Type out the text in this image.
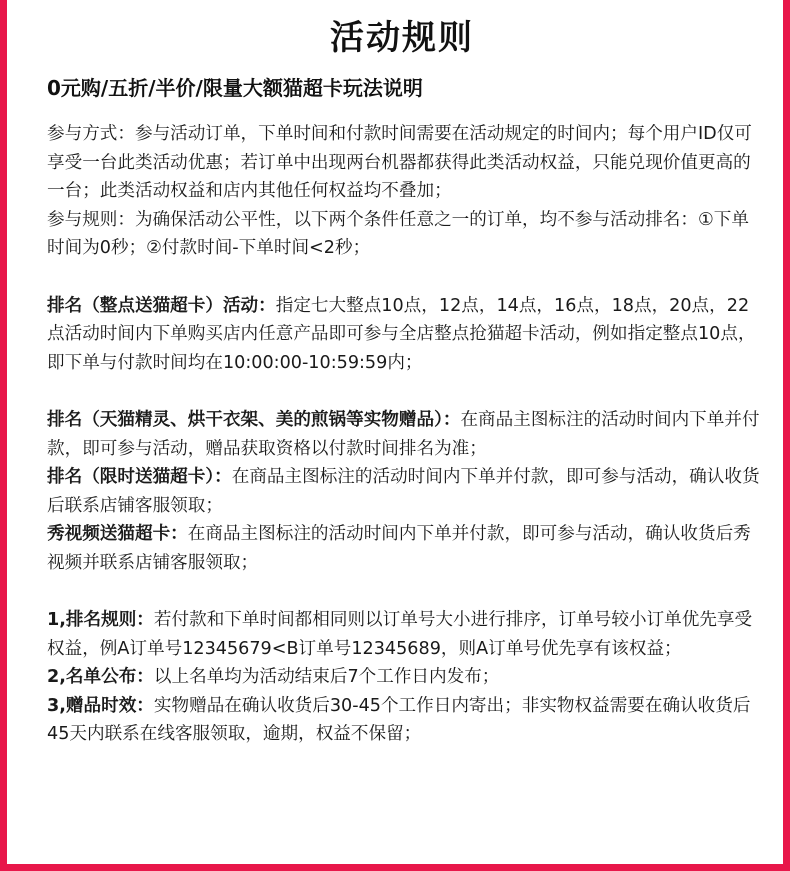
活动规则
0元购/五折/半价/限量大额猫超卡玩法说明

参与方式：参与活动订单，下单时间和付款时间需要在活动规定的时间内；每个用户ID仅可享受一台此类活动优惠；若订单中出现两台机器都获得此类活动权益，只能兑现价值更高的一台；此类活动权益和店内其他任何权益均不叠加；

参与规则：为确保活动公平性，以下两个条件任意之一的订单，均不参与活动排名：①下单时间为0秒；②付款时间-下单时间<2秒；

排名（整点送猫超卡）活动：指定七大整点10点，12点，14点，16点，18点，20点，22点活动时间内下单购买店内任意产品即可参与全店整点抢猫超卡活动，例如指定整点10点，即下单与付款时间均在10:00:00-10:59:59内；

排名（天猫精灵、烘干衣架、美的煎锅等实物赠品）：在商品主图标注的活动时间内下单并付款，即可参与活动，赠品获取资格以付款时间排名为准；

排名（限时送猫超卡）：在商品主图标注的活动时间内下单并付款，即可参与活动，确认收货后联系店铺客服领取；

秀视频送猫超卡：在商品主图标注的活动时间内下单并付款，即可参与活动，确认收货后秀视频并联系店铺客服领取；

1,排名规则：若付款和下单时间都相同则以订单号大小进行排序，订单号较小订单优先享受权益，例A订单号12345679<B订单号12345689，则A订单号优先享有该权益；

2,名单公布：以上名单均为活动结束后7个工作日内发布；

3,赠品时效：实物赠品在确认收货后30-45个工作日内寄出；非实物权益需要在确认收货后45天内联系在线客服领取，逾期，权益不保留；
